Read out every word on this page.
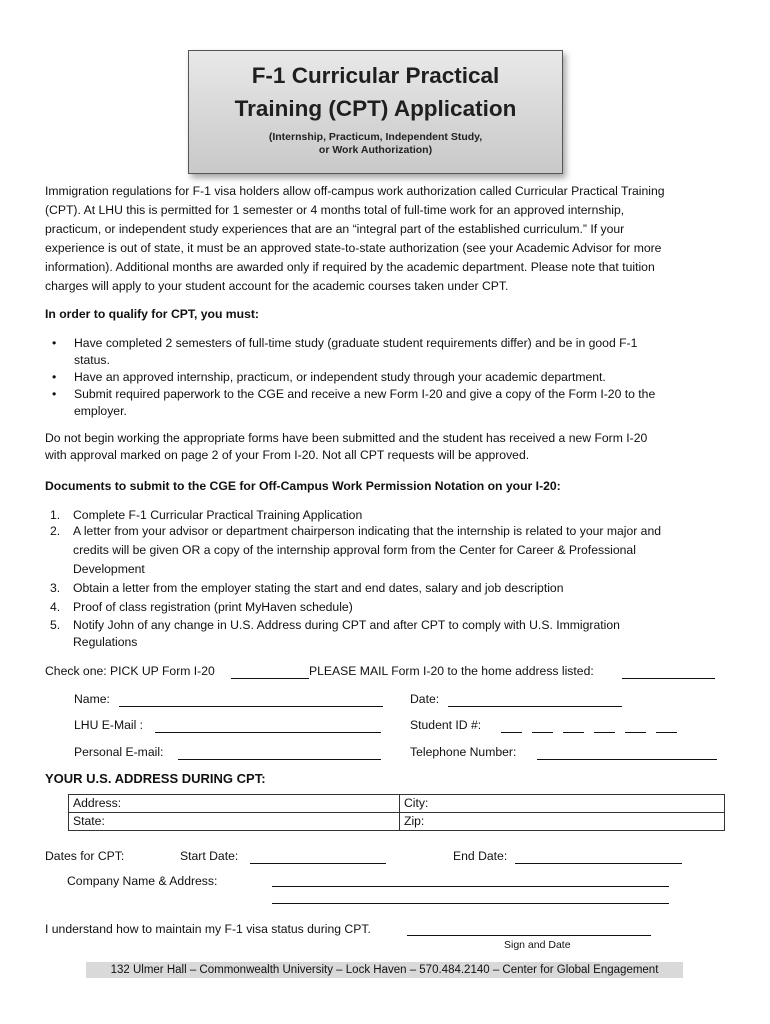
F-1 Curricular Practical
Training (CPT) Application
(Internship, Practicum, Independent Study,
or Work Authorization)
Immigration regulations for F-1 visa holders allow off-campus work authorization called Curricular Practical Training
(CPT). At LHU this is permitted for 1 semester or 4 months total of full-time work for an approved internship,
practicum, or independent study experiences that are an “integral part of the established curriculum.” If your
experience is out of state, it must be an approved state-to-state authorization (see your Academic Advisor for more
information). Additional months are awarded only if required by the academic department. Please note that tuition
charges will apply to your student account for the academic courses taken under CPT.
In order to qualify for CPT, you must:
• Have completed 2 semesters of full-time study (graduate student requirements differ) and be in good F-1
status.
• Have an approved internship, practicum, or independent study through your academic department.
• Submit required paperwork to the CGE and receive a new Form I-20 and give a copy of the Form I-20 to the
employer.
Do not begin working the appropriate forms have been submitted and the student has received a new Form I-20
with approval marked on page 2 of your From I-20. Not all CPT requests will be approved.
Documents to submit to the CGE for Off-Campus Work Permission Notation on your I-20:
1. Complete F-1 Curricular Practical Training Application
2. A letter from your advisor or department chairperson indicating that the internship is related to your major and
credits will be given OR a copy of the internship approval form from the Center for Career & Professional
Development
3. Obtain a letter from the employer stating the start and end dates, salary and job description
4. Proof of class registration (print MyHaven schedule)
5. Notify John of any change in U.S. Address during CPT and after CPT to comply with U.S. Immigration
Regulations
Check one: PICK UP Form I-20	PLEASE MAIL Form I-20 to the home address listed:
Name:	Date:
LHU E-Mail :	Student ID #:
Personal E-mail:	Telephone Number:
YOUR U.S. ADDRESS DURING CPT:
Address:	City:
State:	Zip:
Dates for CPT:	Start Date:	End Date:
Company Name & Address:
I understand how to maintain my F-1 visa status during CPT.
Sign and Date
132 Ulmer Hall – Commonwealth University – Lock Haven – 570.484.2140 – Center for Global Engagement
